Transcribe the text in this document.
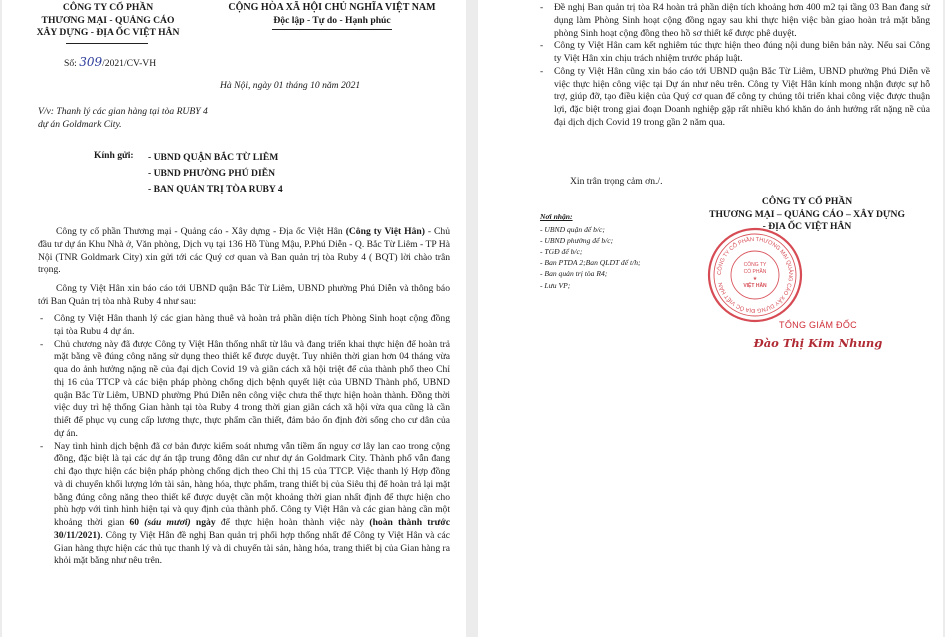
CÔNG TY CỔ PHẦN
THƯƠNG MẠI - QUẢNG CÁO
XÂY DỰNG - ĐỊA ỐC VIỆT HÂN
CỘNG HÒA XÃ HỘI CHỦ NGHĨA VIỆT NAM
Độc lập - Tự do - Hạnh phúc
Số: 309/2021/CV-VH
Hà Nội, ngày 01 tháng 10 năm 2021
V/v: Thanh lý các gian hàng tại tòa RUBY 4 dự án Goldmark City.
Kính gửi: - UBND QUẬN BẮC TỪ LIÊM
- UBND PHƯỜNG PHÚ DIỄN
- BAN QUẢN TRỊ TÒA RUBY 4
Công ty cổ phần Thương mại - Quảng cáo - Xây dựng - Địa ốc Việt Hân (Công ty Việt Hân) - Chủ đầu tư dự án Khu Nhà ở, Văn phòng, Dịch vụ tại 136 Hồ Tùng Mậu, P.Phú Diễn - Q. Bắc Từ Liêm - TP Hà Nội (TNR Goldmark City) xin gửi tới các Quý cơ quan và Ban quản trị tòa Ruby 4 ( BQT) lời chào trân trọng.
Công ty Việt Hân xin báo cáo tới UBND quận Bắc Từ Liêm, UBND phường Phú Diễn và thông báo tới Ban Quản trị tòa nhà Ruby 4 như sau:
- Công ty Việt Hân thanh lý các gian hàng thuê và hoàn trả phần diện tích Phòng Sinh hoạt cộng đồng tại tòa Rubu 4 dự án.
- Chủ chương này đã được Công ty Việt Hân thống nhất từ lâu và đang triển khai thực hiện để hoàn trả mặt bằng về đúng công năng sử dụng theo thiết kế được duyệt. Tuy nhiên thời gian hơn 04 tháng vừa qua do ảnh hưởng nặng nề của đại dịch Covid 19 và giãn cách xã hội triệt để của thành phố theo Chỉ thị 16 của TTCP và các biện pháp phòng chống dịch bệnh quyết liệt của UBND Thành phố, UBND quận Bắc Từ Liêm, UBND phường Phú Diễn nên công việc chưa thể thực hiện hoàn thành. Đồng thời việc duy trì hệ thống Gian hành tại tòa Ruby 4 trong thời gian giãn cách xã hội vừa qua cũng là cần thiết để phục vụ cung cấp lương thực, thực phẩm cần thiết, đảm bảo ổn định đời sống cho cư dân của dự án.
- Nay tình hình dịch bệnh đã cơ bản được kiểm soát nhưng vẫn tiềm ẩn nguy cơ lây lan cao trong cộng đồng, đặc biệt là tại các dự án tập trung đông dân cư như dự án Goldmark City. Thành phố vẫn đang chỉ đạo thực hiện các biện pháp phòng chống dịch theo Chỉ thị 15 của TTCP. Việc thanh lý Hợp đồng và di chuyển khối lượng lớn tài sản, hàng hóa, thực phẩm, trang thiết bị của Siêu thị để hoàn trả lại mặt bằng đúng công năng theo thiết kế được duyệt cần một khoảng thời gian nhất định để thực hiện cho phù hợp với tình hình hiện tại và quy định của thành phố. Công ty Việt Hân và các gian hàng cần một khoảng thời gian 60 (sáu mươi) ngày để thực hiện hoàn thành việc này (hoàn thành trước 30/11/2021). Công ty Việt Hân đề nghị Ban quản trị phối hợp thống nhất để Công ty Việt Hân và các Gian hàng thực hiện các thủ tục thanh lý và di chuyển tài sản, hàng hóa, trang thiết bị của Gian hàng ra khỏi mặt bằng như nêu trên.
- Đề nghị Ban quản trị tòa R4 hoàn trả phần diện tích khoảng hơn 400 m2 tại tầng 03 Ban đang sử dụng làm Phòng Sinh hoạt cộng đồng ngay sau khi thực hiện việc bàn giao hoàn trả mặt bằng phòng Sinh hoạt cộng đồng theo hồ sơ thiết kế được phê duyệt.
- Công ty Việt Hân cam kết nghiêm túc thực hiện theo đúng nội dung biên bản này. Nếu sai Công ty Việt Hân xin chịu trách nhiệm trước pháp luật.
- Công ty Việt Hân cũng xin báo cáo tới UBND quận Bắc Từ Liêm, UBND phường Phú Diễn về việc thực hiện công việc tại Dự án như nêu trên. Công ty Việt Hân kính mong nhận được sự hỗ trợ, giúp đỡ, tạo điều kiện của Quý cơ quan để công ty chúng tôi triển khai công việc được thuận lợi, đặc biệt trong giai đoạn Doanh nghiệp gặp rất nhiều khó khăn do ảnh hưởng rất nặng nề của đại dịch dịch Covid 19 trong gần 2 năm qua.
Xin trân trọng cảm ơn./.
Nơi nhận:
- UBND quận để b/c;
- UBND phường để b/c;
- TGĐ để b/c;
- Ban PTDA 2;Ban QLDT để t/h;
- Ban quản trị tòa R4;
- Lưu VP;
CÔNG TY CỔ PHẦN
THƯƠNG MẠI – QUẢNG CÁO – XÂY DỰNG
- ĐỊA ỐC VIỆT HÂN
CÔNG TY CỔ PHẦN THƯƠNG MẠI QUẢNG CÁO XÂY DỰNG ĐỊA ỐC VIỆT HÂN
CÔNG TY
CỔ PHẦN
★
VIỆT HÂN
TỔNG GIÁM ĐỐC
Đào Thị Kim Nhung
